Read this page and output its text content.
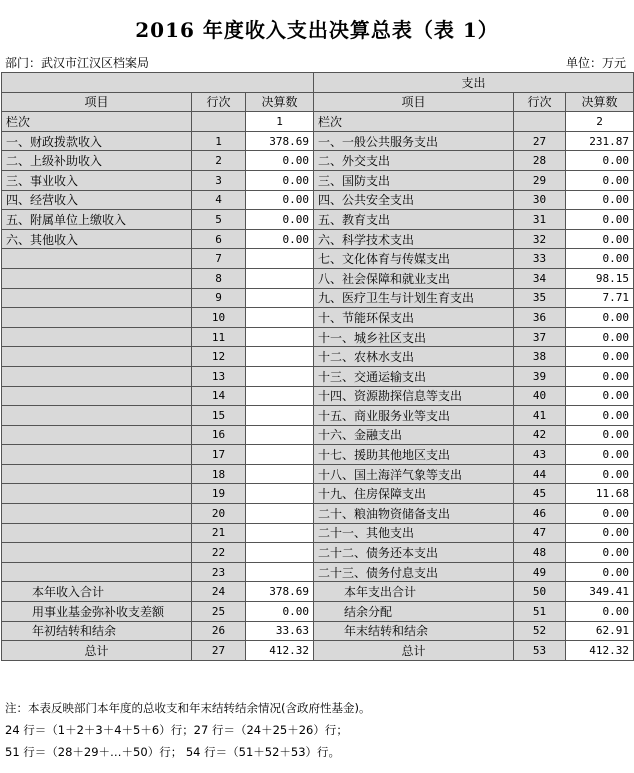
2016 年度收入支出决算总表（表 1）
部门：武汉市江汉区档案局	单位：万元
			支出		
项目	行次	决算数	项目	行次	决算数
栏次		1	栏次		2
一、财政拨款收入	1	378.69	一、一般公共服务支出	27	231.87
二、上级补助收入	2	0.00	二、外交支出	28	0.00
三、事业收入	3	0.00	三、国防支出	29	0.00
四、经营收入	4	0.00	四、公共安全支出	30	0.00
五、附属单位上缴收入	5	0.00	五、教育支出	31	0.00
六、其他收入	6	0.00	六、科学技术支出	32	0.00
	7		七、文化体育与传媒支出	33	0.00
	8		八、社会保障和就业支出	34	98.15
	9		九、医疗卫生与计划生育支出	35	7.71
	10		十、节能环保支出	36	0.00
	11		十一、城乡社区支出	37	0.00
	12		十二、农林水支出	38	0.00
	13		十三、交通运输支出	39	0.00
	14		十四、资源勘探信息等支出	40	0.00
	15		十五、商业服务业等支出	41	0.00
	16		十六、金融支出	42	0.00
	17		十七、援助其他地区支出	43	0.00
	18		十八、国土海洋气象等支出	44	0.00
	19		十九、住房保障支出	45	11.68
	20		二十、粮油物资储备支出	46	0.00
	21		二十一、其他支出	47	0.00
	22		二十二、债务还本支出	48	0.00
	23		二十三、债务付息支出	49	0.00
本年收入合计	24	378.69	本年支出合计	50	349.41
用事业基金弥补收支差额	25	0.00	结余分配	51	0.00
年初结转和结余	26	33.63	年末结转和结余	52	62.91
总计	27	412.32	总计	53	412.32
注：本表反映部门本年度的总收支和年末结转结余情况(含政府性基金)。
24 行＝（1＋2＋3＋4＋5＋6）行；27 行＝（24＋25＋26）行；
51 行＝（28＋29＋…＋50）行； 54 行＝（51＋52＋53）行。
